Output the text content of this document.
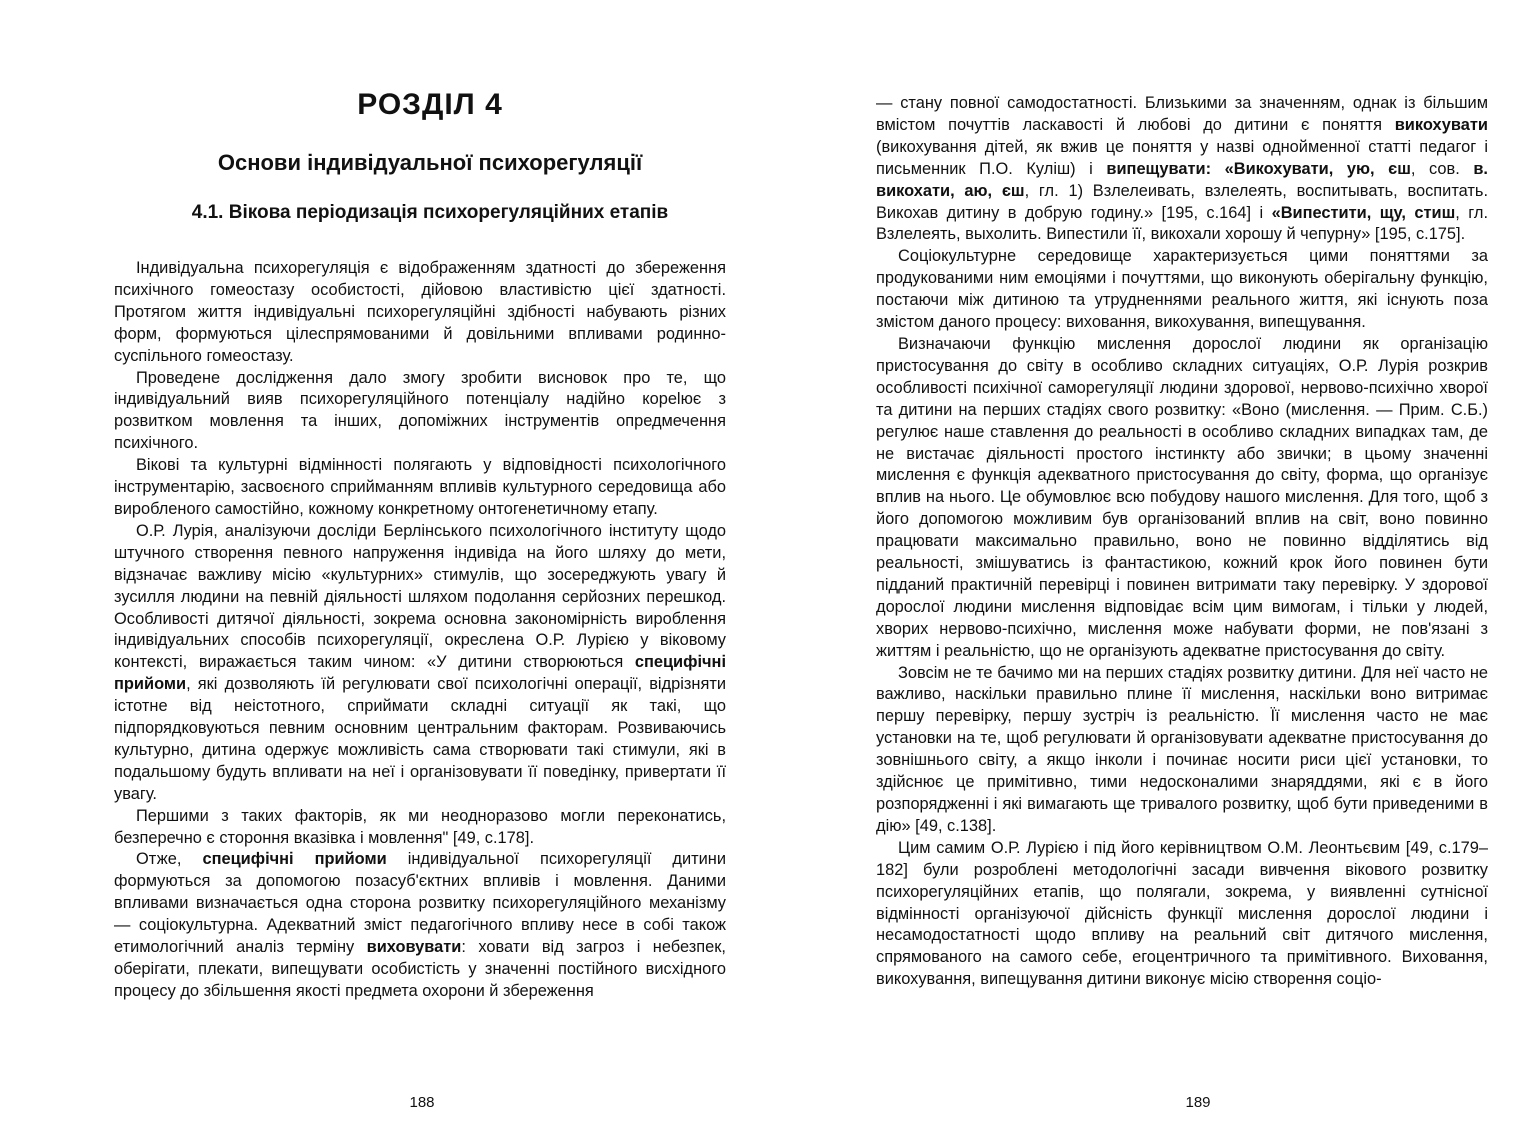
РОЗДІЛ 4
Основи індивідуальної психорегуляції
4.1. Вікова періодизація психорегуляційних етапів

Індивідуальна психорегуляція є відображенням здатності до збереження психічного гомеостазу особистості, дійовою властивістю цієї здатності. Протягом життя індивідуальні психорегуляційні здібності набувають різних форм, формуються цілеспрямованими й довільними впливами родинно-суспільного гомеостазу.

Проведене дослідження дало змогу зробити висновок про те, що індивідуальний вияв психорегуляційного потенціалу надійно кореlює з розвитком мовлення та інших, допоміжних інструментів опредмечення психічного.

Вікові та культурні відмінності полягають у відповідності психологічного інструментарію, засвоєного сприйманням впливів культурного середовища або виробленого самостійно, кожному конкретному онтогенетичному етапу.

О.Р. Лурія, аналізуючи досліди Берлінського психологічного інституту щодо штучного створення певного напруження індивіда на його шляху до мети, відзначає важливу місію «культурних» стимулів, що зосереджують увагу й зусилля людини на певній діяльності шляхом подолання серйозних перешкод. Особливості дитячої діяльності, зокрема основна закономірність вироблення індивідуальних способів психорегуляції, окреслена О.Р. Лурією у віковому контексті, виражається таким чином: «У дитини створюються специфічні прийоми, які дозволяють їй регулювати свої психологічні операції, відрізняти істотне від неістотного, сприймати складні ситуації як такі, що підпорядковуються певним основним центральним факторам. Розвиваючись культурно, дитина одержує можливість сама створювати такі стимули, які в подальшому будуть впливати на неї і організовувати її поведінку, привертати її увагу.

Першими з таких факторів, як ми неодноразово могли переконатись, безперечно є стороння вказівка і мовлення" [49, с.178].

Отже, специфічні прийоми індивідуальної психорегуляції дитини формуються за допомогою позасуб'єктних впливів і мовлення. Даними впливами визначається одна сторона розвитку психорегуляційного механізму — соціокультурна. Адекватний зміст педагогічного впливу несе в собі також етимологічний аналіз терміну виховувати: ховати від загроз і небезпек, оберігати, плекати, випещувати особистість у значенні постійного висхідного процесу до збільшення якості предмета охорони й збереження

188

— стану повної самодостатності. Близькими за значенням, однак із більшим вмістом почуттів ласкавості й любові до дитини є поняття викохувати (викохування дітей, як вжив це поняття у назві однойменної статті педагог і письменник П.О. Куліш) і випещувати: «Викохувати, ую, єш, сов. в. викохати, аю, єш, гл. 1) Взлелеивать, взлелеять, воспитывать, воспитать. Викохав дитину в добрую годину.» [195, с.164] і «Випестити, щу, стиш, гл. Взлелеять, выхолить. Випестили її, викохали хорошу й чепурну» [195, с.175].

Соціокультурне середовище характеризується цими поняттями за продукованими ним емоціями і почуттями, що виконують оберігальну функцію, постаючи між дитиною та утрудненнями реального життя, які існують поза змістом даного процесу: виховання, викохування, випещування.

Визначаючи функцію мислення дорослої людини як організацію пристосування до світу в особливо складних ситуаціях, О.Р. Лурія розкрив особливості психічної саморегуляції людини здорової, нервово-психічно хворої та дитини на перших стадіях свого розвитку: «Воно (мислення. — Прим. С.Б.) регулює наше ставлення до реальності в особливо складних випадках там, де не вистачає діяльності простого інстинкту або звички; в цьому значенні мислення є функція адекватного пристосування до світу, форма, що організує вплив на нього. Це обумовлює всю побудову нашого мислення. Для того, щоб з його допомогою можливим був організований вплив на світ, воно повинно працювати максимально правильно, воно не повинно відділятись від реальності, змішуватись із фантастикою, кожний крок його повинен бути підданий практичній перевірці і повинен витримати таку перевірку. У здорової дорослої людини мислення відповідає всім цим вимогам, і тільки у людей, хворих нервово-психічно, мислення може набувати форми, не пов'язані з життям і реальністю, що не організують адекватне пристосування до світу.

Зовсім не те бачимо ми на перших стадіях розвитку дитини. Для неї часто не важливо, наскільки правильно плине її мислення, наскільки воно витримає першу перевірку, першу зустріч із реальністю. Її мислення часто не має установки на те, щоб регулювати й організовувати адекватне пристосування до зовнішнього світу, а якщо інколи і починає носити риси цієї установки, то здійснює це примітивно, тими недосконалими знаряддями, які є в його розпорядженні і які вимагають ще тривалого розвитку, щоб бути приведеними в дію» [49, с.138].

Цим самим О.Р. Лурією і під його керівництвом О.М. Леонтьєвим [49, с.179–182] були розроблені методологічні засади вивчення вікового розвитку психорегуляційних етапів, що полягали, зокрема, у виявленні сутнісної відмінності організуючої дійсність функції мислення дорослої людини і несамодостатності щодо впливу на реальний світ дитячого мислення, спрямованого на самого себе, егоцентричного та примітивного. Виховання, викохування, випещування дитини виконує місію створення соціо-

189
